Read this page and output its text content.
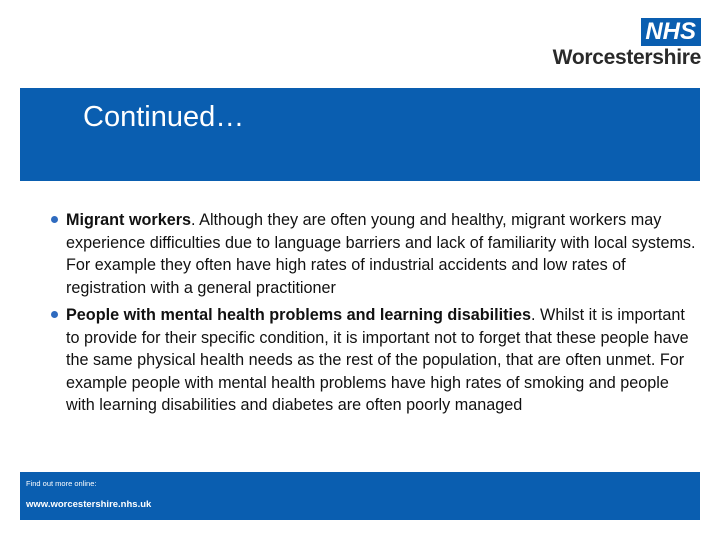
NHS
Worcestershire
Continued…
Migrant workers. Although they are often young and healthy, migrant workers may experience difficulties due to language barriers and lack of familiarity with local systems. For example they often have high rates of industrial accidents and low rates of registration with a general practitioner
People with mental health problems and learning disabilities. Whilst it is important to provide for their specific condition, it is important not to forget that these people have the same physical health needs as the rest of the population, that are often unmet. For example people with mental health problems have high rates of smoking and people with learning disabilities and diabetes are often poorly managed
Find out more online:
www.worcestershire.nhs.uk
